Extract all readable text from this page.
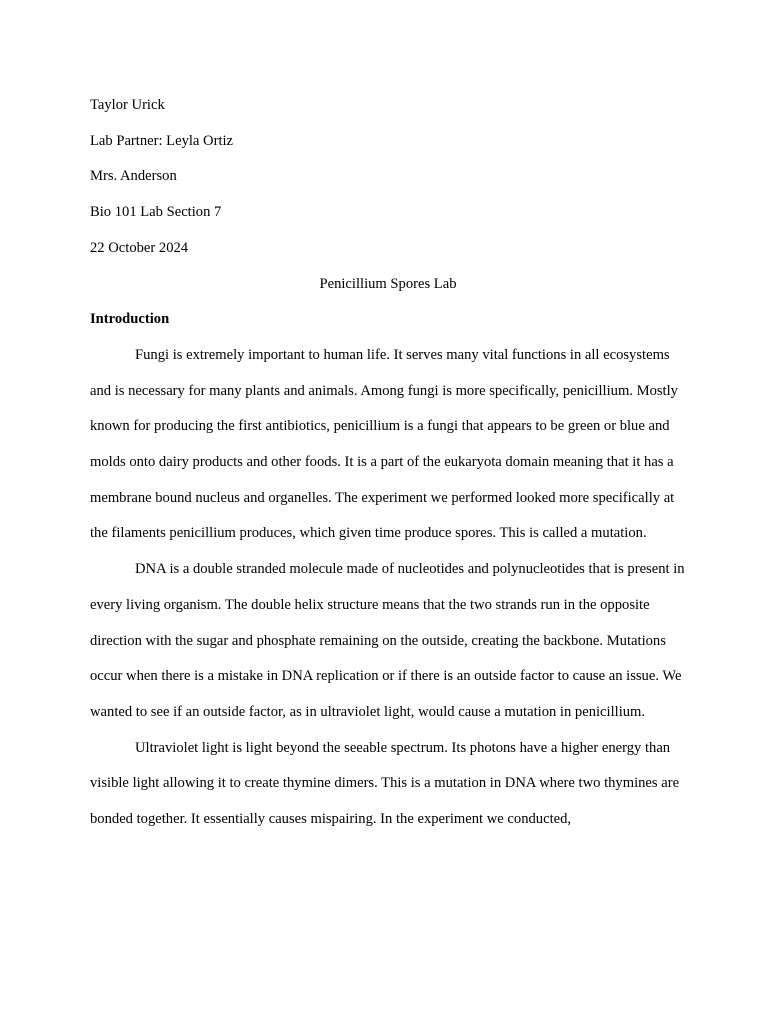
Taylor Urick
Lab Partner: Leyla Ortiz
Mrs. Anderson
Bio 101 Lab Section 7
22 October 2024
Penicillium Spores Lab
Introduction

Fungi is extremely important to human life. It serves many vital functions in all ecosystems and is necessary for many plants and animals. Among fungi is more specifically, penicillium. Mostly known for producing the first antibiotics, penicillium is a fungi that appears to be green or blue and molds onto dairy products and other foods. It is a part of the eukaryota domain meaning that it has a membrane bound nucleus and organelles. The experiment we performed looked more specifically at the filaments penicillium produces, which given time produce spores. This is called a mutation.

DNA is a double stranded molecule made of nucleotides and polynucleotides that is present in every living organism. The double helix structure means that the two strands run in the opposite direction with the sugar and phosphate remaining on the outside, creating the backbone. Mutations occur when there is a mistake in DNA replication or if there is an outside factor to cause an issue. We wanted to see if an outside factor, as in ultraviolet light, would cause a mutation in penicillium.

Ultraviolet light is light beyond the seeable spectrum. Its photons have a higher energy than visible light allowing it to create thymine dimers. This is a mutation in DNA where two thymines are bonded together. It essentially causes mispairing. In the experiment we conducted,
